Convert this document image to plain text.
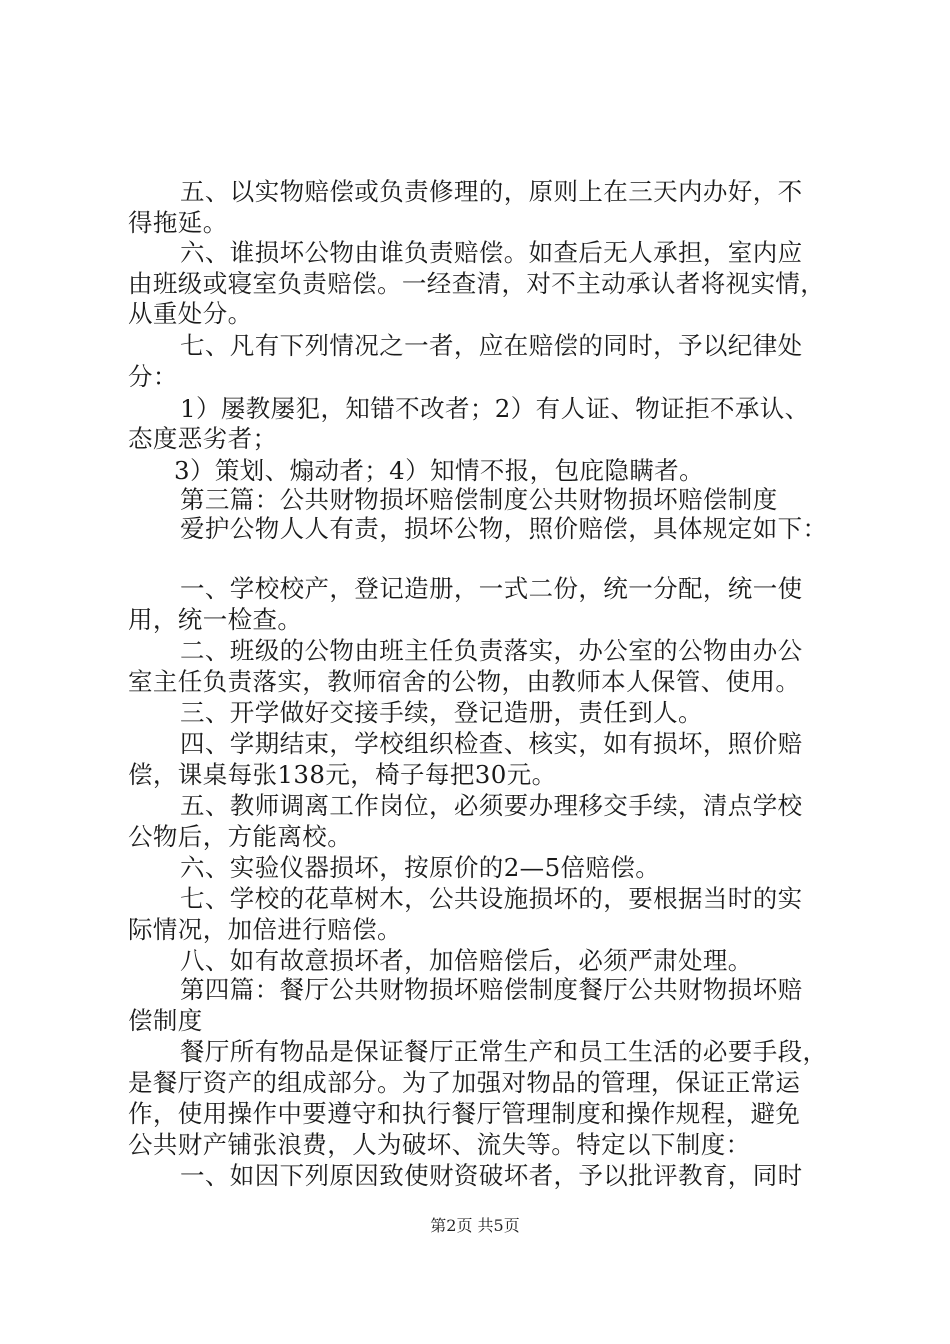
五、以实物赔偿或负责修理的，原则上在三天内办好，不
得拖延。
六、谁损坏公物由谁负责赔偿。如查后无人承担，室内应
由班级或寝室负责赔偿。一经查清，对不主动承认者将视实情，
从重处分。
七、凡有下列情况之一者，应在赔偿的同时，予以纪律处
分：
1）屡教屡犯，知错不改者；2）有人证、物证拒不承认、
态度恶劣者；
3）策划、煽动者；4）知情不报，包庇隐瞒者。
第三篇：公共财物损坏赔偿制度公共财物损坏赔偿制度
爱护公物人人有责，损坏公物，照价赔偿，具体规定如下：
一、学校校产，登记造册，一式二份，统一分配，统一使
用，统一检查。
二、班级的公物由班主任负责落实，办公室的公物由办公
室主任负责落实，教师宿舍的公物，由教师本人保管、使用。
三、开学做好交接手续，登记造册，责任到人。
四、学期结束，学校组织检查、核实，如有损坏，照价赔
偿，课桌每张138元，椅子每把30元。
五、教师调离工作岗位，必须要办理移交手续，清点学校
公物后，方能离校。
六、实验仪器损坏，按原价的2—5倍赔偿。
七、学校的花草树木，公共设施损坏的，要根据当时的实
际情况，加倍进行赔偿。
八、如有故意损坏者，加倍赔偿后，必须严肃处理。
第四篇：餐厅公共财物损坏赔偿制度餐厅公共财物损坏赔
偿制度
餐厅所有物品是保证餐厅正常生产和员工生活的必要手段，
是餐厅资产的组成部分。为了加强对物品的管理，保证正常运
作，使用操作中要遵守和执行餐厅管理制度和操作规程，避免
公共财产铺张浪费，人为破坏、流失等。特定以下制度：
一、如因下列原因致使财资破坏者，予以批评教育，同时
第2页 共5页
